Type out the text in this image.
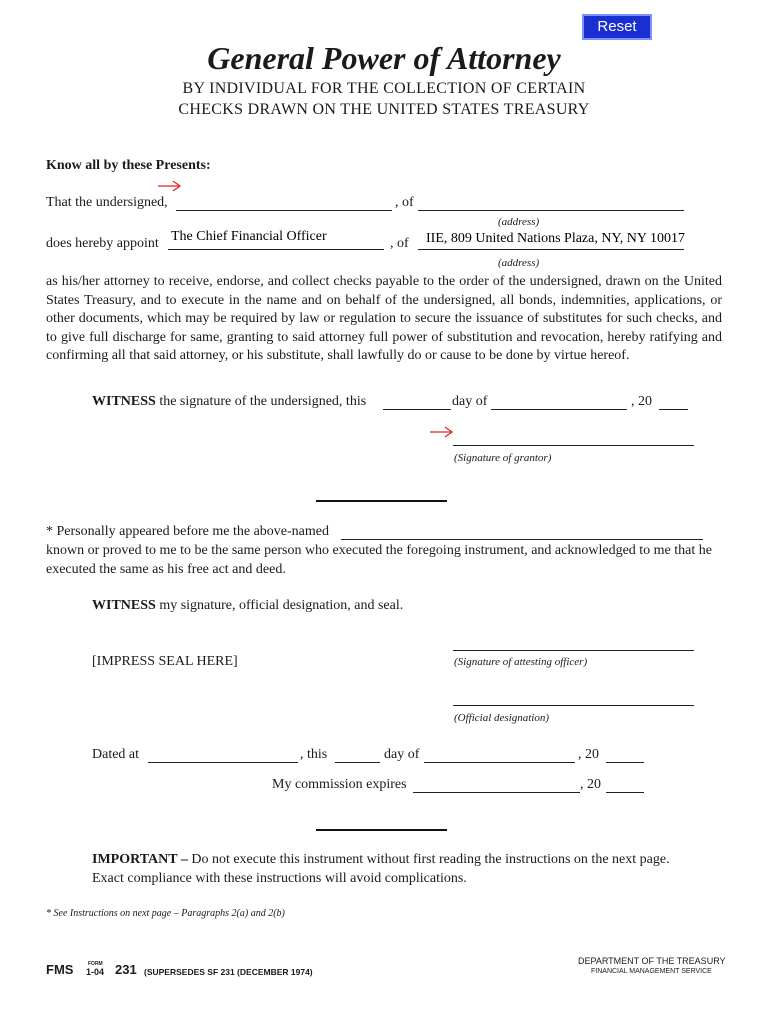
Reset
General Power of Attorney
BY INDIVIDUAL FOR THE COLLECTION OF CERTAIN
CHECKS DRAWN ON THE UNITED STATES TREASURY
Know all by these Presents:
That the undersigned,	, of
(address)
does hereby appoint The Chief Financial Officer	, of IIE, 809 United Nations Plaza, NY, NY 10017
(address)
as his/her attorney to receive, endorse, and collect checks payable to the order of the undersigned, drawn on the United States Treasury, and to execute in the name and on behalf of the undersigned, all bonds, indemnities, applications, or other documents, which may be required by law or regulation to secure the issuance of substitutes for such checks, and to give full discharge for same, granting to said attorney full power of substitution and revocation, hereby ratifying and confirming all that said attorney, or his substitute, shall lawfully do or cause to be done by virtue hereof.
WITNESS the signature of the undersigned, this	day of	, 20
(Signature of grantor)
* Personally appeared before me the above-named
known or proved to me to be the same person who executed the foregoing instrument, and acknowledged to me that he executed the same as his free act and deed.
WITNESS my signature, official designation, and seal.
[IMPRESS SEAL HERE]	(Signature of attesting officer)
(Official designation)
Dated at	, this	day of	, 20
My commission expires	, 20
IMPORTANT – Do not execute this instrument without first reading the instructions on the next page. Exact compliance with these instructions will avoid complications.
* See Instructions on next page – Paragraphs 2(a) and 2(b)
FMS	FORM
1-04 231 (SUPERSEDES SF 231 (DECEMBER 1974)
DEPARTMENT OF THE TREASURY
FINANCIAL MANAGEMENT SERVICE
